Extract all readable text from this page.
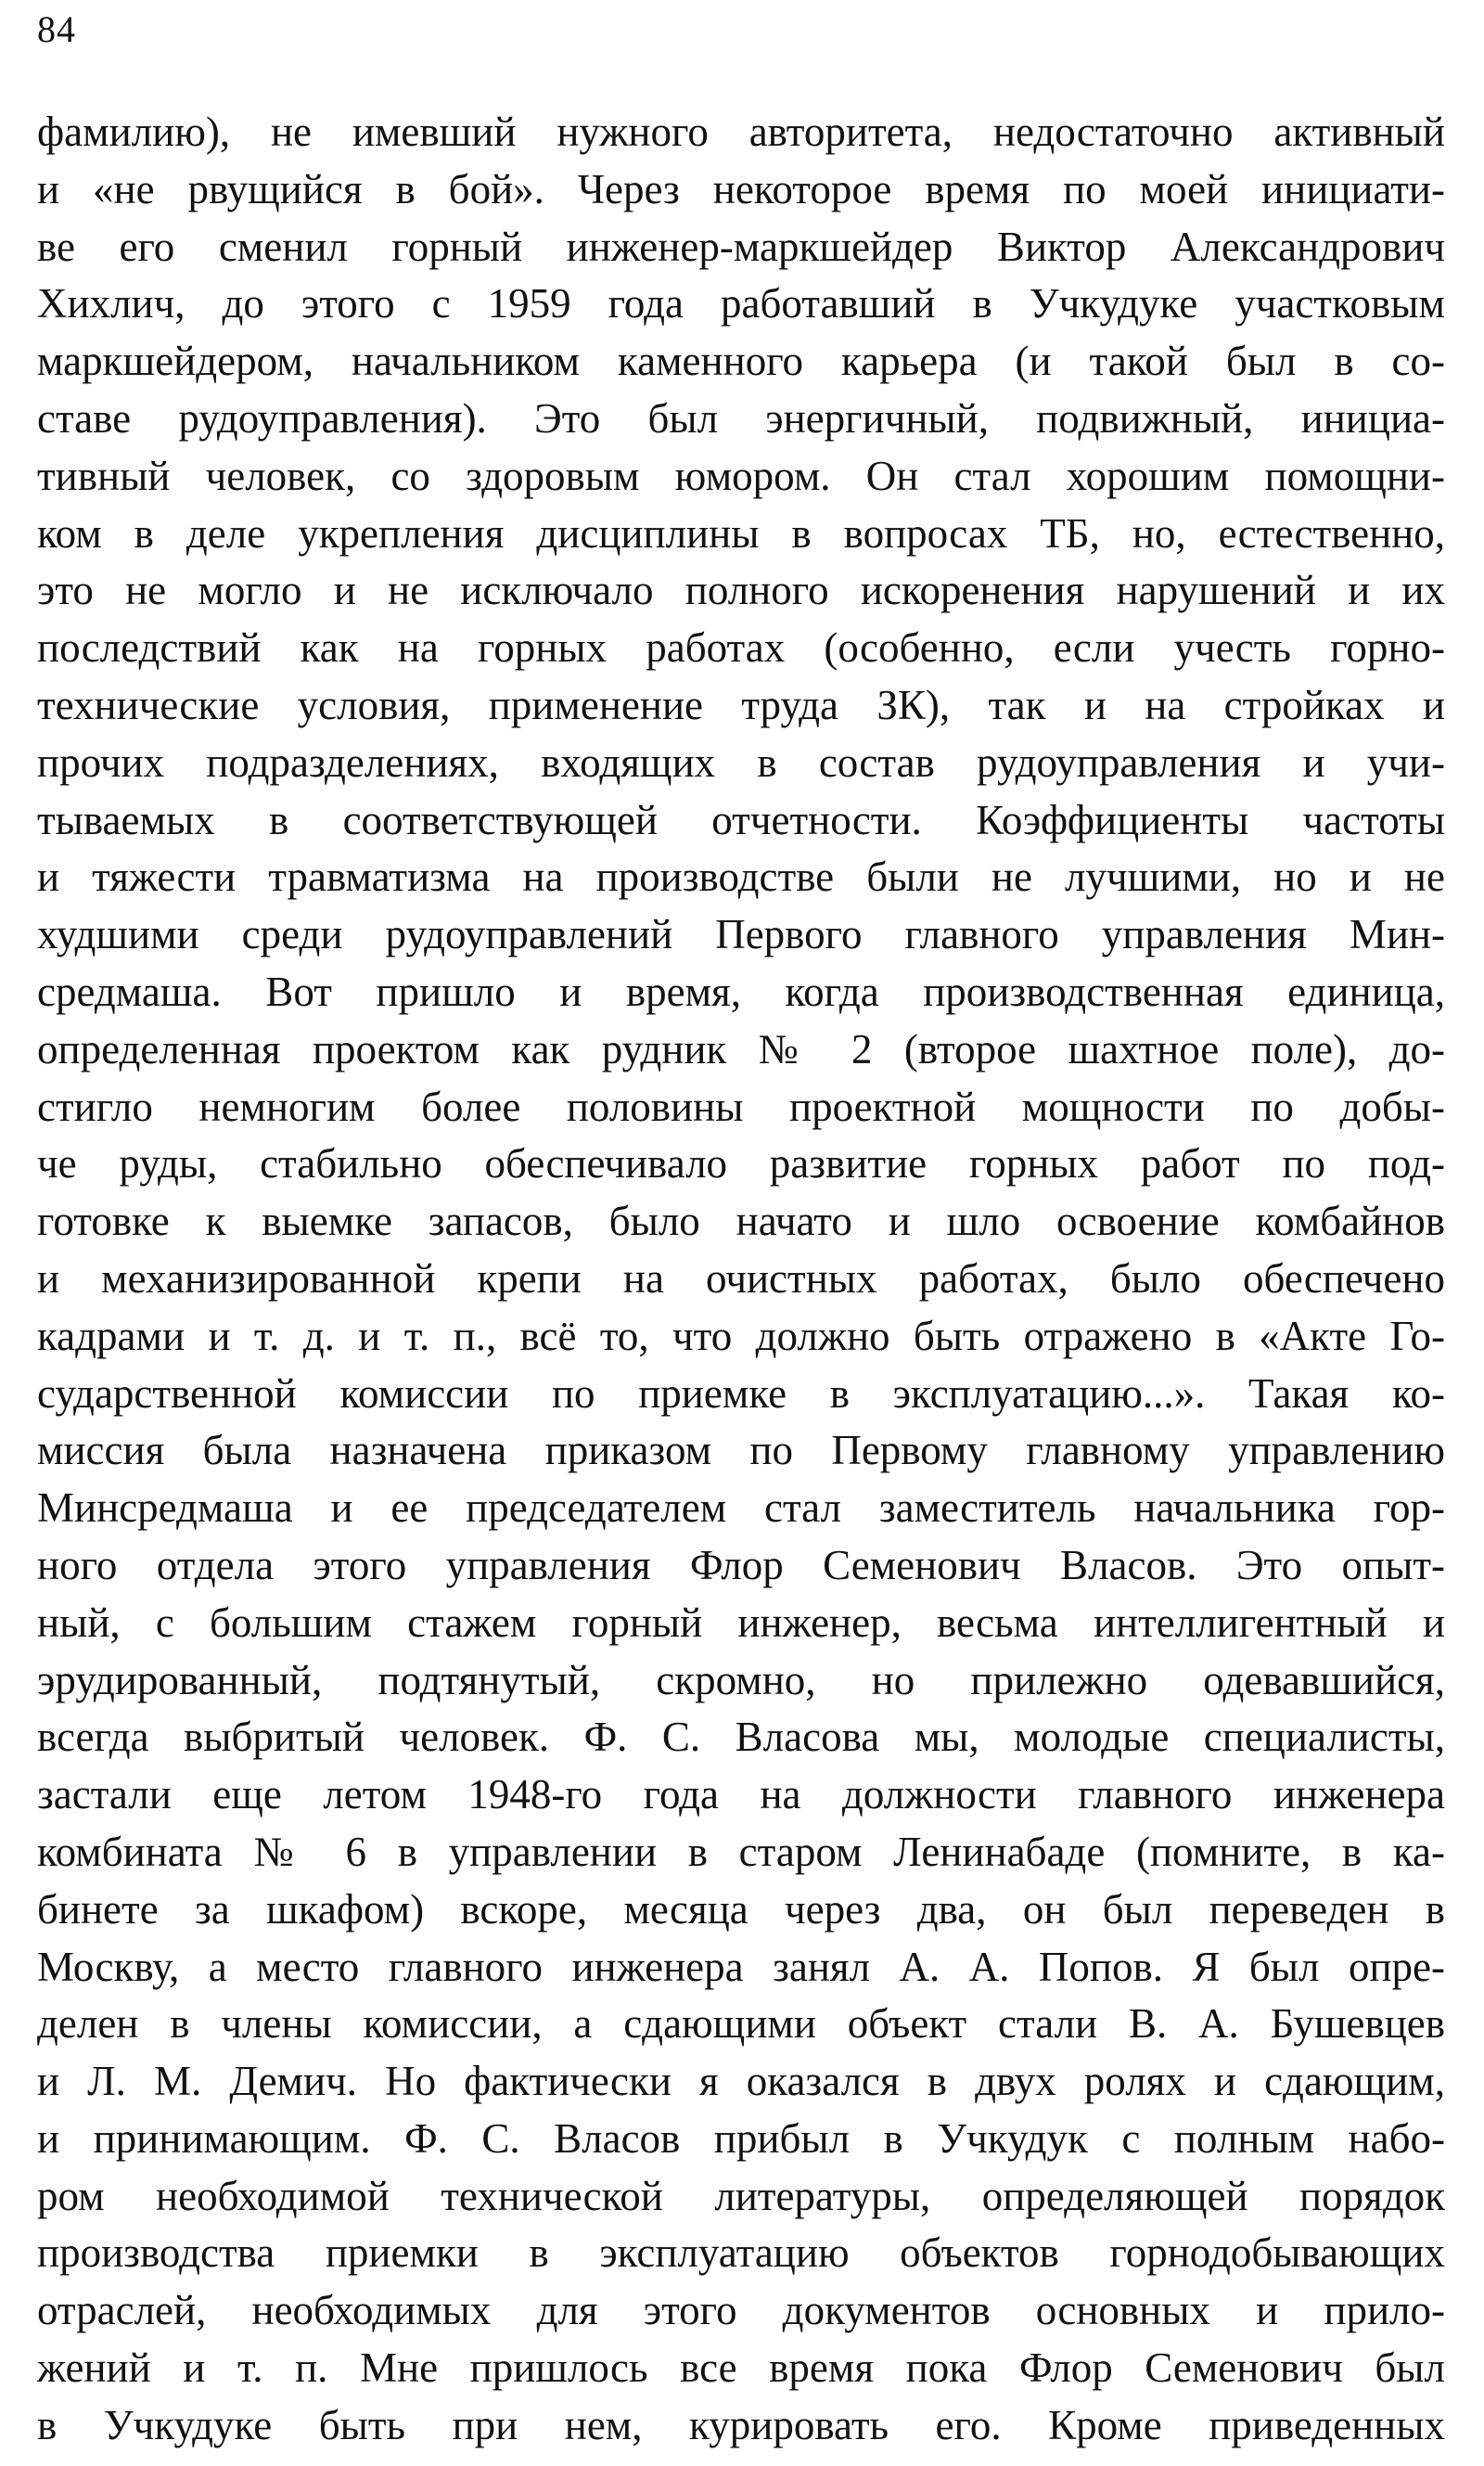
84
фамилию), не имевший нужного авторитета, недостаточно активный
и «не рвущийся в бой». Через некоторое время по моей инициати-
ве его сменил горный инженер-маркшейдер Виктор Александрович
Хихлич, до этого с 1959 года работавший в Учкудуке участковым
маркшейдером, начальником каменного карьера (и такой был в со-
ставе рудоуправления). Это был энергичный, подвижный, инициа-
тивный человек, со здоровым юмором. Он стал хорошим помощни-
ком в деле укрепления дисциплины в вопросах ТБ, но, естественно,
это не могло и не исключало полного искоренения нарушений и их
последствий как на горных работах (особенно, если учесть горно-
технические условия, применение труда ЗК), так и на стройках и
прочих подразделениях, входящих в состав рудоуправления и учи-
тываемых в соответствующей отчетности. Коэффициенты частоты
и тяжести травматизма на производстве были не лучшими, но и не
худшими среди рудоуправлений Первого главного управления Мин-
средмаша. Вот пришло и время, когда производственная единица,
определенная проектом как рудник № 2 (второе шахтное поле), до-
стигло немногим более половины проектной мощности по добы-
че руды, стабильно обеспечивало развитие горных работ по под-
готовке к выемке запасов, было начато и шло освоение комбайнов
и механизированной крепи на очистных работах, было обеспечено
кадрами и т. д. и т. п., всё то, что должно быть отражено в «Акте Го-
сударственной комиссии по приемке в эксплуатацию...». Такая ко-
миссия была назначена приказом по Первому главному управлению
Минсредмаша и ее председателем стал заместитель начальника гор-
ного отдела этого управления Флор Семенович Власов. Это опыт-
ный, с большим стажем горный инженер, весьма интеллигентный и
эрудированный, подтянутый, скромно, но прилежно одевавшийся,
всегда выбритый человек. Ф. С. Власова мы, молодые специалисты,
застали еще летом 1948-го года на должности главного инженера
комбината № 6 в управлении в старом Ленинабаде (помните, в ка-
бинете за шкафом) вскоре, месяца через два, он был переведен в
Москву, а место главного инженера занял А. А. Попов. Я был опре-
делен в члены комиссии, а сдающими объект стали В. А. Бушевцев
и Л. М. Демич. Но фактически я оказался в двух ролях и сдающим,
и принимающим. Ф. С. Власов прибыл в Учкудук с полным набо-
ром необходимой технической литературы, определяющей порядок
производства приемки в эксплуатацию объектов горнодобывающих
отраслей, необходимых для этого документов основных и прило-
жений и т. п. Мне пришлось все время пока Флор Семенович был
в Учкудуке быть при нем, курировать его. Кроме приведенных
